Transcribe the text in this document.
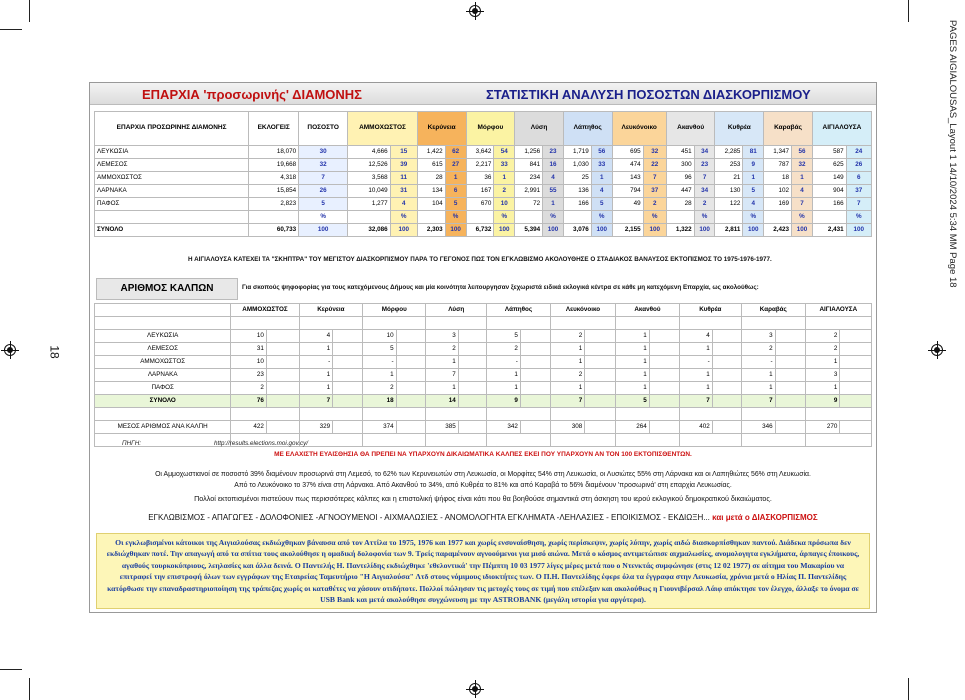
PAGES AIGIALOUSAS_Layout 1 14/10/2024 5:34 MM Page 18
18
ΕΠΑΡΧΙΑ 'προσωρινής' ΔΙΑΜΟΝΗΣ	ΣΤΑΤΙΣΤΙΚΗ ΑΝΑΛΥΣΗ ΠΟΣΟΣΤΩΝ ΔΙΑΣΚΟΡΠΙΣΜΟΥ
ΕΠΑΡΧΙΑ ΠΡΟΣΩΡΙΝΗΣ ΔΙΑΜΟΝΗΣ	ΕΚΛΟΓΕΙΣ	ΠΟΣΟΣΤΟ	ΑΜΜΟΧΩΣΤΟΣ		Κερύνεια		Μόρφου		Λύση		Λάπηθος		Λευκόνοικο		Ακανθού		Κυθρέα		Καραβάς		ΑΙΓΙΑΛΟΥΣΑ	
ΛΕΥΚΩΣΙΑ	18,070	30	4,666	15	1,422	62	3,642	54	1,256	23	1,719	56	695	32	451	34	2,285	81	1,347	56	587	24
ΛΕΜΕΣΟΣ	19,668	32	12,526	39	615	27	2,217	33	841	16	1,030	33	474	22	300	23	253	9	787	32	625	26
ΑΜΜΟΧΩΣΤΟΣ	4,318	7	3,568	11	28	1	36	1	234	4	25	1	143	7	96	7	21	1	18	1	149	6
ΛΑΡΝΑΚΑ	15,854	26	10,049	31	134	6	167	2	2,991	55	136	4	794	37	447	34	130	5	102	4	904	37
ΠΑΦΟΣ	2,823	5	1,277	4	104	5	670	10	72	1	166	5	49	2	28	2	122	4	169	7	166	7
		%		%		%		%		%		%		%		%		%		%		%
ΣΥΝΟΛΟ	60,733	100	32,086	100	2,303	100	6,732	100	5,394	100	3,076	100	2,155	100	1,322	100	2,811	100	2,423	100	2,431	100
Η ΑΙΓΙΑΛΟΥΣΑ ΚΑΤΕΧΕΙ ΤΑ "ΣΚΗΠΤΡΑ" ΤΟΥ ΜΕΓΙΣΤΟΥ ΔΙΑΣΚΟΡΠΙΣΜΟΥ ΠΑΡΑ ΤΟ ΓΕΓΟΝΟΣ ΠΩΣ ΤΟΝ ΕΓΚΛΩΒΙΣΜΟ ΑΚΟΛΟΥΘΗΣΕ Ο ΣΤΑΔΙΑΚΟΣ ΒΑΝΑΥΣΟΣ ΕΚΤΟΠΙΣΜΟΣ ΤΟ 1975-1976-1977.
ΑΡΙΘΜΟΣ ΚΑΛΠΩΝ	Για σκοπούς ψηφοφορίας για τους κατεχόμενους Δήμους και μία κοινότητα λειτουργησαν ξεχωριστά ειδικά εκλογικά κέντρα σε κάθε μη κατεχόμενη Επαρχία, ως ακολούθως:
	ΑΜΜΟΧΩΣΤΟΣ		Κερύνεια		Μόρφου		Λύση		Λάπηθος		Λευκόνοικο		Ακανθού		Κυθρέα		Καραβάς		ΑΙΓΙΑΛΟΥΣΑ	

ΛΕΥΚΩΣΙΑ	10		4		10		3		5		2		1		4		3		2	
ΛΕΜΕΣΟΣ	31		1		5		2		2		1		1		1		2		2	
ΑΜΜΟΧΩΣΤΟΣ	10		-		-		1		-		1		1		-		-		1	
ΛΑΡΝΑΚΑ	23		1		1		7		1		2		1		1		1		3	
ΠΑΦΟΣ	2		1		2		1		1		1		1		1		1		1	
ΣΥΝΟΛΟ	76		7		18		14		9		7		5		7		7		9	

ΜΕΣΟΣ ΑΡΙΘΜΟΣ ΑΝΑ ΚΑΛΠΗ	422		329		374		385		342		308		264		402		346		270	

ΠΗΓΗ:	http://results.elections.moi.gov.cy/
ΜΕ ΕΛΑΧΙΣΤΗ ΕΥΑΙΣΘΗΣΙΑ ΘΑ ΠΡΕΠΕΙ ΝΑ ΥΠΑΡΧΟΥΝ ΔΙΚΑΙΩΜΑΤΙΚΑ ΚΑΛΠΕΣ ΕΚΕΙ ΠΟΥ ΥΠΑΡΧΟΥΝ ΑΝ ΤΟΝ 100 ΕΚΤΟΠΙΣΘΕΝΤΩΝ.
Οι Αμμοχωστιανοί σε ποσοστό 39% διαμένουν προσωρινά στη Λεμεσό, το 62% των Κερυνειωτών στη Λευκωσία, οι Μορφίτες 54% στη Λευκωσία, οι Λυσιώτες 55% στη Λάρνακα και οι Λαπηθιώτες 56% στη Λευκωσία.
Από το Λευκόνοικο το 37% είναι στη Λάρνακα. Από Ακανθού το 34%, από Κυθρέα το 81% και από Καραβά το 56% διαμένουν 'προσωρινά' στη επαρχία Λευκωσίας.
Πολλοί εκτοπισμένοι πιστεύουν πως περισσότερες κάλπες και η επιστολική ψήφος είναι κάτι που θα βοηθούσε σημαντικά στη άσκηση του ιερού εκλογικού δημοκρατικού δικαιώματος.
ΕΓΚΛΩΒΙΣΜΟΣ - ΑΠΑΓΩΓΕΣ - ΔΟΛΟΦΟΝΙΕΣ -ΑΓΝΟΟΥΜΕΝΟΙ - ΑΙΧΜΑΛΩΣΙΕΣ - ΑΝΟΜΟΛΟΓΗΤΑ ΕΓΚΛΗΜΑΤΑ -ΛΕΗΛΑΣΙΕΣ - ΕΠΟΙΚΙΣΜΟΣ - ΕΚΔΙΩΞΗ... και μετά ο ΔΙΑΣΚΟΡΠΙΣΜΟΣ
Οι εγκλωβισμένοι κάτοικοι της Αιγιαλούσας εκδιώχθηκαν βάναυσα από τον Αττίλα το 1975, 1976 και 1977 και χωρίς ενσυναίσθηση, χωρίς περίσκεψιν, χωρίς λύπην, χωρίς αιδώ διασκορπίσθηκαν παντού. Διάδεκα πρόσωπα δεν εκδιώχθηκαν ποτέ. Την απαγωγή από τα σπίτια τους ακολούθησε η ομαδική δολοφονία των 9. Τρείς παραμένουν αγνοούμενοι για μισό αιώνα. Μετά ο κόσμος αντιμετώπισε αιχμαλωσίες, ανομολογητα εγκλήματα, άρπαγες έποικους, αγαθούς τουρκοκύπριους, λεηλασίες και άλλα δεινά. Ο Παντελής Η. Παντελίδης εκδιώχθηκε 'εθελοντικά' την Πέμπτη 10 03 1977 λίγες μέρες μετά που ο Ντενκτάς συμφώνησε (στις 12 02 1977) σε αίτημα του Μακαρίου να επιτραφεί την επιστροφή όλων των εγγράφων της Εταιρείας Ταμευτήριο "Η Αιγιαλούσα" Λτδ στους νόμιμους ιδιοκτήτες των. Ο Π.Η. Παντελίδης έφερε όλα τα έγγραφα στην Λευκωσία, χρόνια μετά ο Ηλίας Π. Παντελίδης κατόρθωσε την επαναδραστηριοποίηση της τράπεζας χωρίς οι καταθέτες να χάσουν οτιδήποτε. Πολλοί πώλησαν τις μετοχές τους σε τιμή που επέλεξαν και ακολούθως η Γιουνιβέρσαλ Λάιφ απόκτησε τον έλεγχο, άλλαξε το όνομα σε USB Bank και μετά ακολούθησε συγχώνευση με την ASTROBANK (μεγάλη ιστορία για αργότερα).
